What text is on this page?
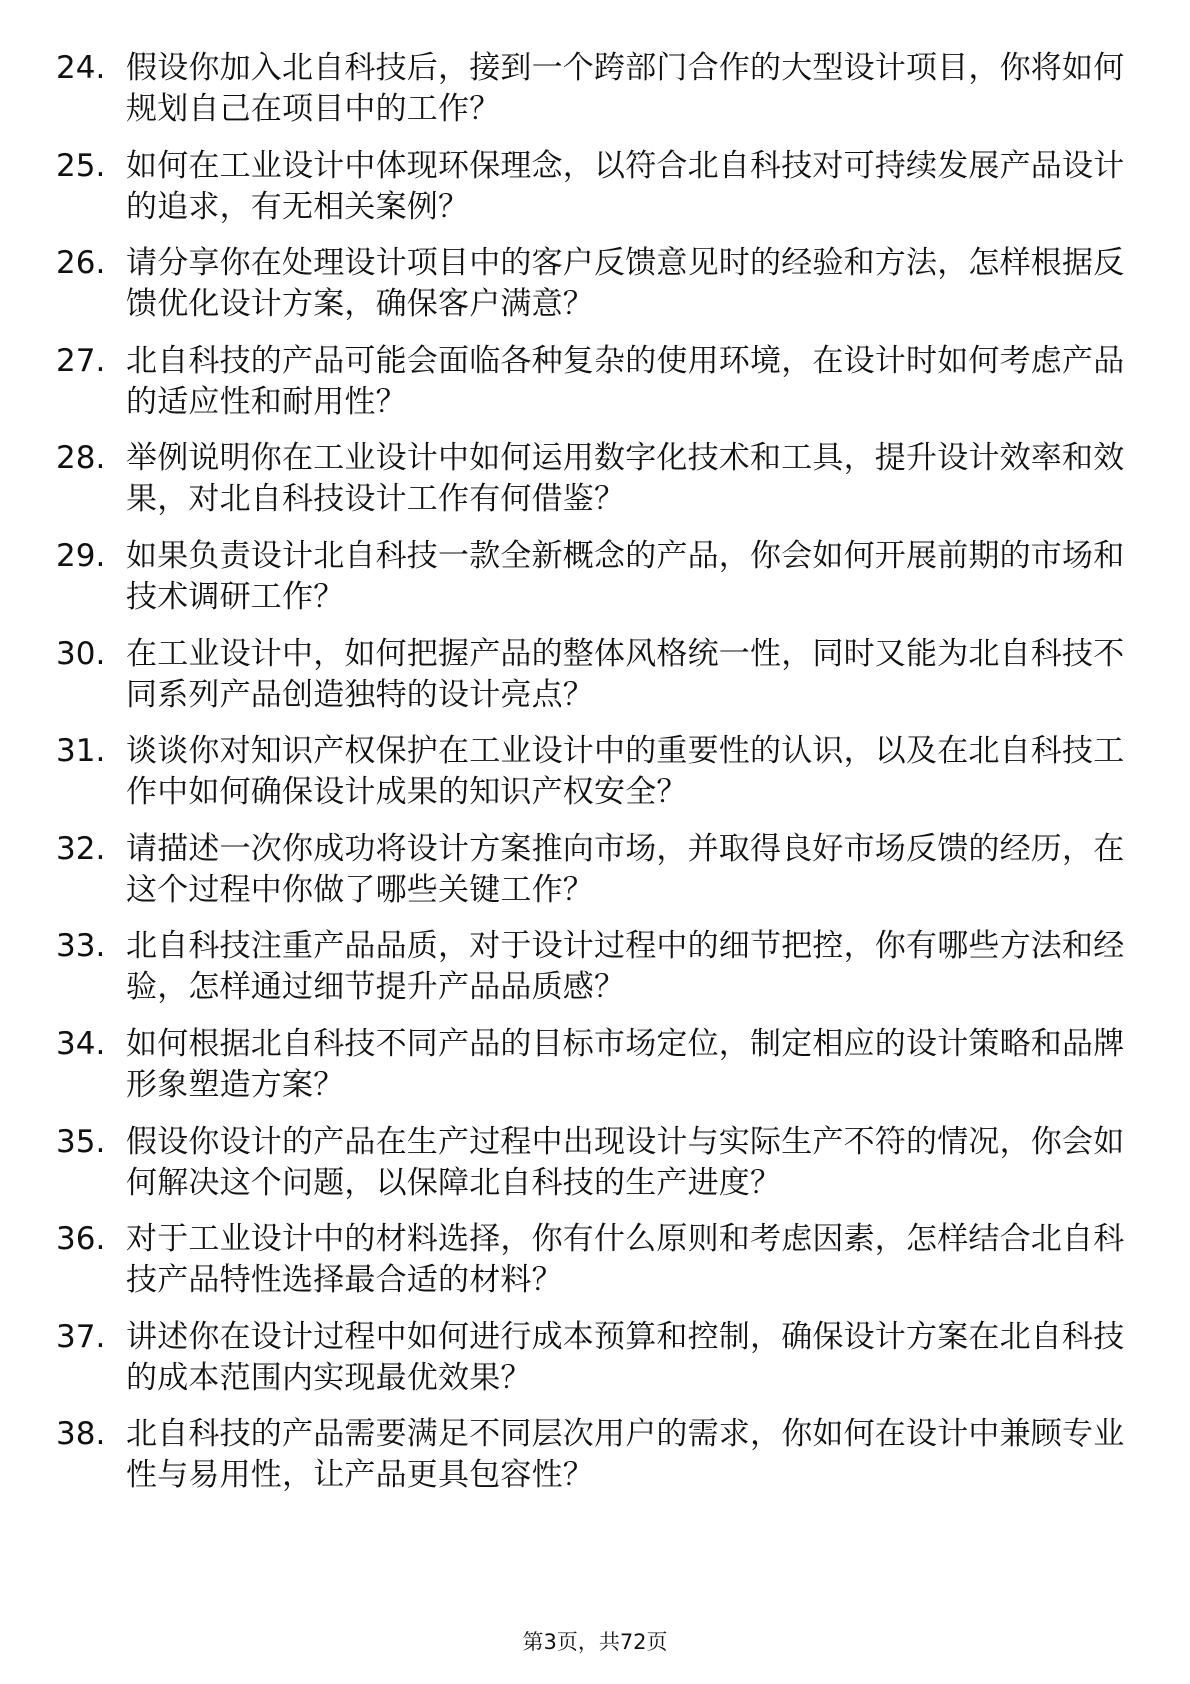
24. 假设你加入北自科技后，接到一个跨部门合作的大型设计项目，你将如何规划自己在项目中的工作？
25. 如何在工业设计中体现环保理念，以符合北自科技对可持续发展产品设计的追求，有无相关案例？
26. 请分享你在处理设计项目中的客户反馈意见时的经验和方法，怎样根据反馈优化设计方案，确保客户满意？
27. 北自科技的产品可能会面临各种复杂的使用环境，在设计时如何考虑产品的适应性和耐用性？
28. 举例说明你在工业设计中如何运用数字化技术和工具，提升设计效率和效果，对北自科技设计工作有何借鉴？
29. 如果负责设计北自科技一款全新概念的产品，你会如何开展前期的市场和技术调研工作？
30. 在工业设计中，如何把握产品的整体风格统一性，同时又能为北自科技不同系列产品创造独特的设计亮点？
31. 谈谈你对知识产权保护在工业设计中的重要性的认识，以及在北自科技工作中如何确保设计成果的知识产权安全？
32. 请描述一次你成功将设计方案推向市场，并取得良好市场反馈的经历，在这个过程中你做了哪些关键工作？
33. 北自科技注重产品品质，对于设计过程中的细节把控，你有哪些方法和经验，怎样通过细节提升产品品质感？
34. 如何根据北自科技不同产品的目标市场定位，制定相应的设计策略和品牌形象塑造方案？
35. 假设你设计的产品在生产过程中出现设计与实际生产不符的情况，你会如何解决这个问题，以保障北自科技的生产进度？
36. 对于工业设计中的材料选择，你有什么原则和考虑因素，怎样结合北自科技产品特性选择最合适的材料？
37. 讲述你在设计过程中如何进行成本预算和控制，确保设计方案在北自科技的成本范围内实现最优效果？
38. 北自科技的产品需要满足不同层次用户的需求，你如何在设计中兼顾专业性与易用性，让产品更具包容性？
第3页，共72页
